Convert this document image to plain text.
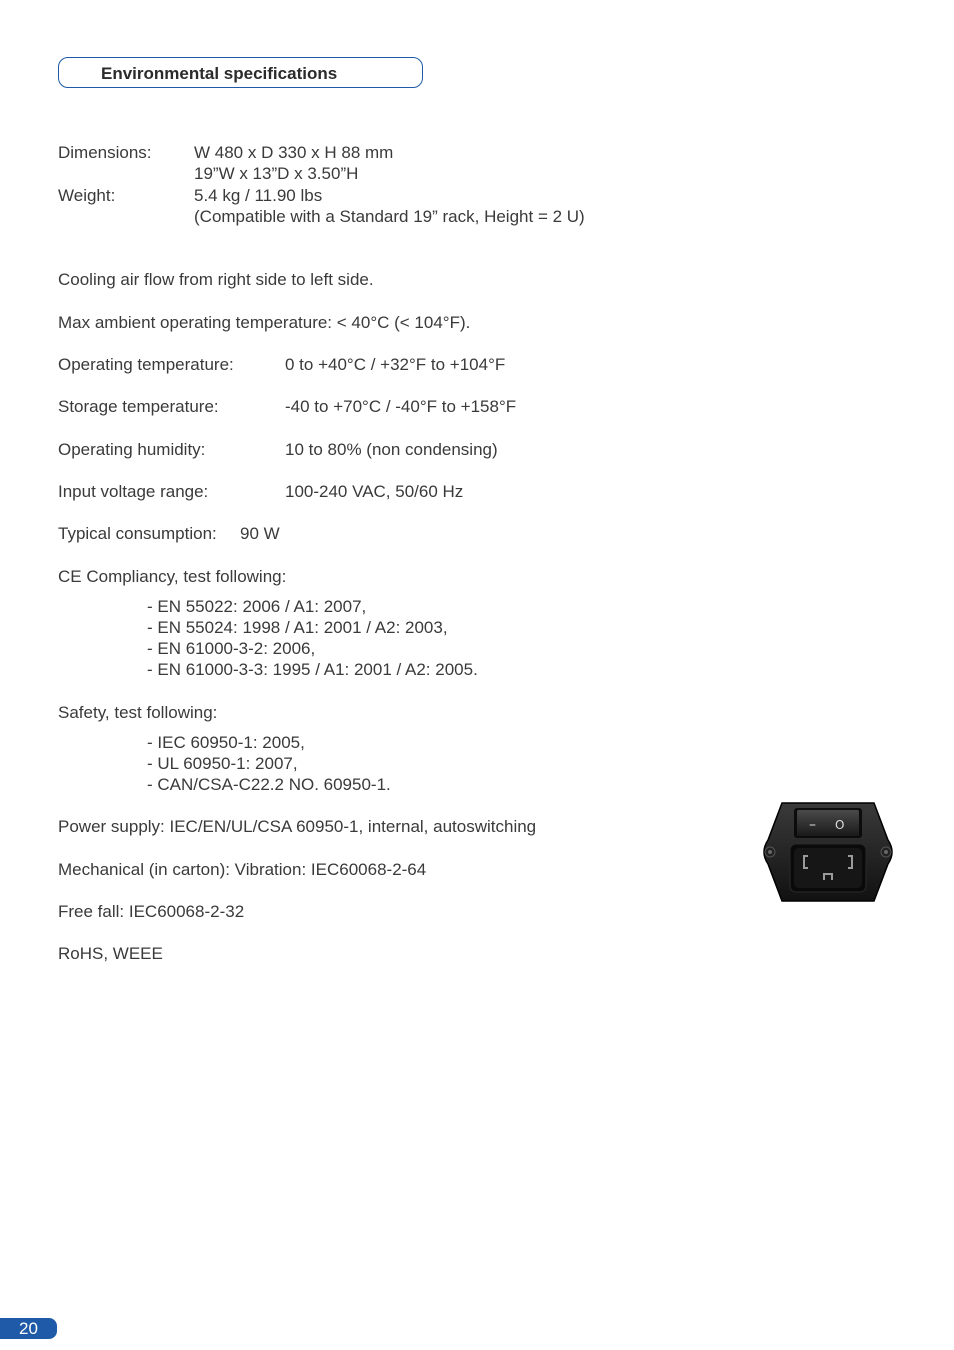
Environmental specifications
Dimensions: W 480 x D 330 x H 88 mm
19”W x 13”D x 3.50”H
Weight:	5.4 kg / 11.90 lbs
(Compatible with a Standard 19” rack, Height = 2 U)
Cooling air flow from right side to left side.
Max ambient operating temperature: < 40°C (< 104°F).
Operating temperature:	0 to +40°C / +32°F to +104°F
Storage temperature:	-40 to +70°C / -40°F to +158°F
Operating humidity:	10 to 80% (non condensing)
Input voltage range:	100-240 VAC, 50/60 Hz
Typical consumption: 90 W
CE Compliancy, test following:
- EN 55022: 2006 / A1: 2007,
- EN 55024: 1998 / A1: 2001 / A2: 2003,
- EN 61000-3-2: 2006,
- EN 61000-3-3: 1995 / A1: 2001 / A2: 2005.
Safety, test following:
- IEC 60950-1: 2005,
- UL 60950-1: 2007,
- CAN/CSA-C22.2 NO. 60950-1.
Power supply: IEC/EN/UL/CSA 60950-1, internal, autoswitching
Mechanical (in carton): Vibration: IEC60068-2-64
Free fall: IEC60068-2-32
RoHS, WEEE
– O
20
